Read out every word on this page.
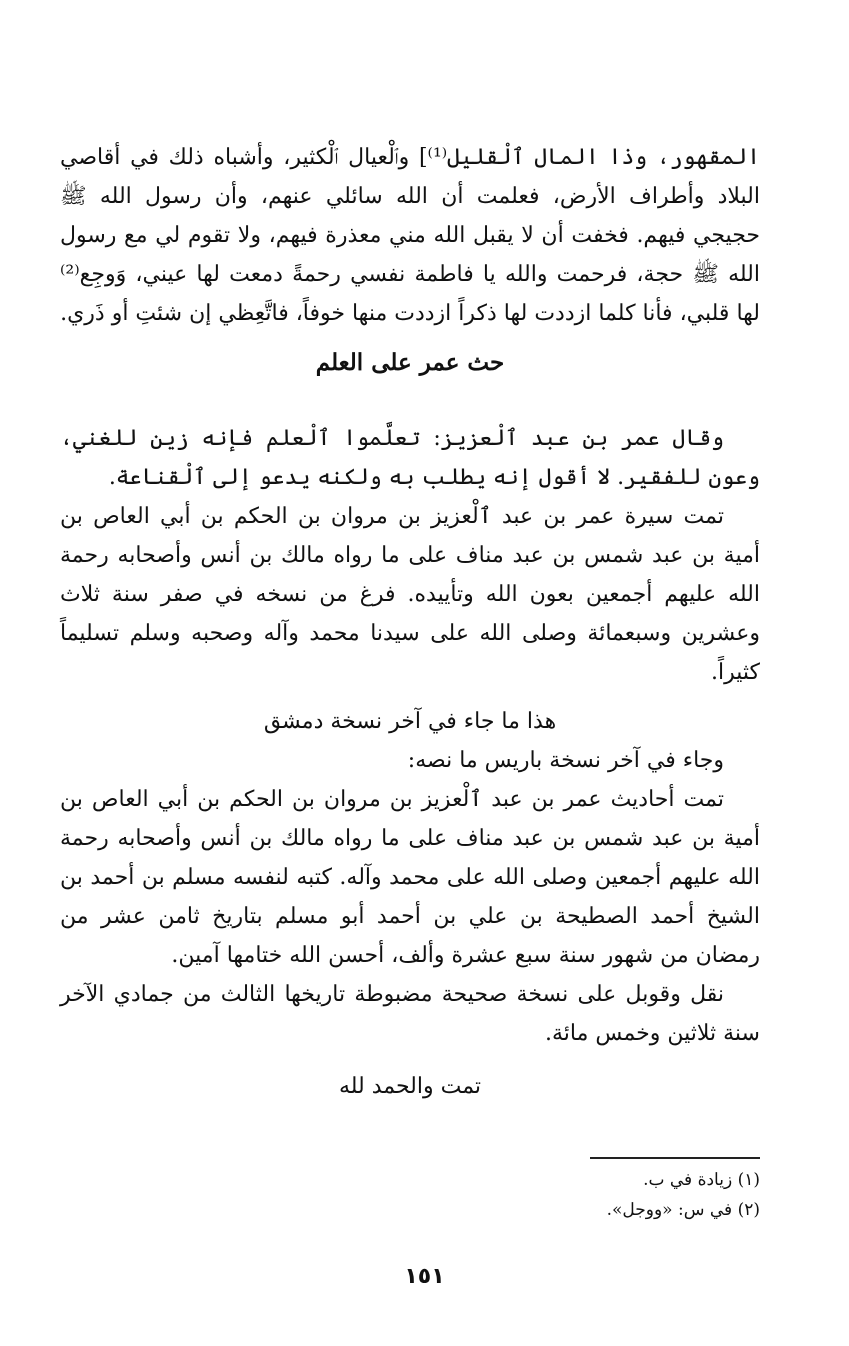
المقهور، وذا المال ٱلْقليل⁽¹⁾] وٱلْعيال ٱلْكثير، وأشباه ذلك في أقاصي البلاد وأطراف الأرض، فعلمت أن الله سائلي عنهم، وأن رسول الله ﷺ حجيجي فيهم. فخفت أن لا يقبل الله مني معذرة فيهم، ولا تقوم لي مع رسول الله ﷺ حجة، فرحمت والله يا فاطمة نفسي رحمةً دمعت لها عيني، وَوجِع⁽²⁾ لها قلبي، فأنا كلما ازددت لها ذكراً ازددت منها خوفاً، فاتَّعِظي إن شئتِ أو ذَري.

حث عمر على العلم

وقال عمر بن عبد ٱلْعزيز: تعلَّموا ٱلْعلم فإنه زين للغني، وعون للفقير. لا أقول إنه يطلب به ولكنه يدعو إلى ٱلْقناعة.

تمت سيرة عمر بن عبد ٱلْعزيز بن مروان بن الحكم بن أبي العاص بن أمية بن عبد شمس بن عبد مناف على ما رواه مالك بن أنس وأصحابه رحمة الله عليهم أجمعين بعون الله وتأييده. فرغ من نسخه في صفر سنة ثلاث وعشرين وسبعمائة وصلى الله على سيدنا محمد وآله وصحبه وسلم تسليماً كثيراً.

هذا ما جاء في آخر نسخة دمشق

وجاء في آخر نسخة باريس ما نصه:

تمت أحاديث عمر بن عبد ٱلْعزيز بن مروان بن الحكم بن أبي العاص بن أمية بن عبد شمس بن عبد مناف على ما رواه مالك بن أنس وأصحابه رحمة الله عليهم أجمعين وصلى الله على محمد وآله. كتبه لنفسه مسلم بن أحمد بن الشيخ أحمد الصطيحة بن علي بن أحمد أبو مسلم بتاريخ ثامن عشر من رمضان من شهور سنة سبع عشرة وألف، أحسن الله ختامها آمين.

نقل وقوبل على نسخة صحيحة مضبوطة تاريخها الثالث من جمادي الآخر سنة ثلاثين وخمس مائة.

تمت والحمد لله

(١) زيادة في ب.

(٢) في س: «ووجل».

١٥١
